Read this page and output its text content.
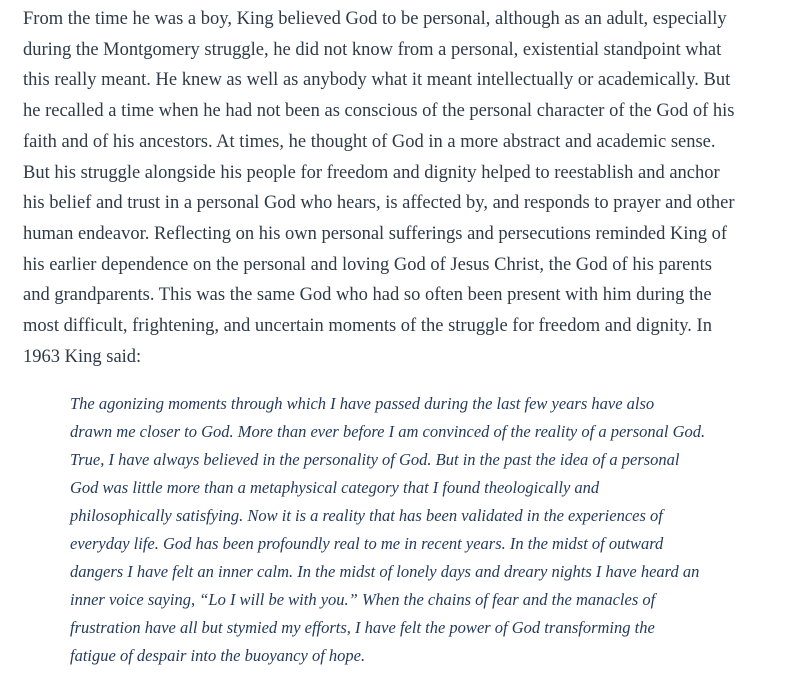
From the time he was a boy, King believed God to be personal, although as an adult, especially
during the Montgomery struggle, he did not know from a personal, existential standpoint what
this really meant. He knew as well as anybody what it meant intellectually or academically. But
he recalled a time when he had not been as conscious of the personal character of the God of his
faith and of his ancestors. At times, he thought of God in a more abstract and academic sense.
But his struggle alongside his people for freedom and dignity helped to reestablish and anchor
his belief and trust in a personal God who hears, is affected by, and responds to prayer and other
human endeavor. Reflecting on his own personal sufferings and persecutions reminded King of
his earlier dependence on the personal and loving God of Jesus Christ, the God of his parents
and grandparents. This was the same God who had so often been present with him during the
most difficult, frightening, and uncertain moments of the struggle for freedom and dignity. In
1963 King said:

The agonizing moments through which I have passed during the last few years have also
drawn me closer to God. More than ever before I am convinced of the reality of a personal God.
True, I have always believed in the personality of God. But in the past the idea of a personal
God was little more than a metaphysical category that I found theologically and
philosophically satisfying. Now it is a reality that has been validated in the experiences of
everyday life. God has been profoundly real to me in recent years. In the midst of outward
dangers I have felt an inner calm. In the midst of lonely days and dreary nights I have heard an
inner voice saying, “Lo I will be with you.” When the chains of fear and the manacles of
frustration have all but stymied my efforts, I have felt the power of God transforming the
fatigue of despair into the buoyancy of hope.
